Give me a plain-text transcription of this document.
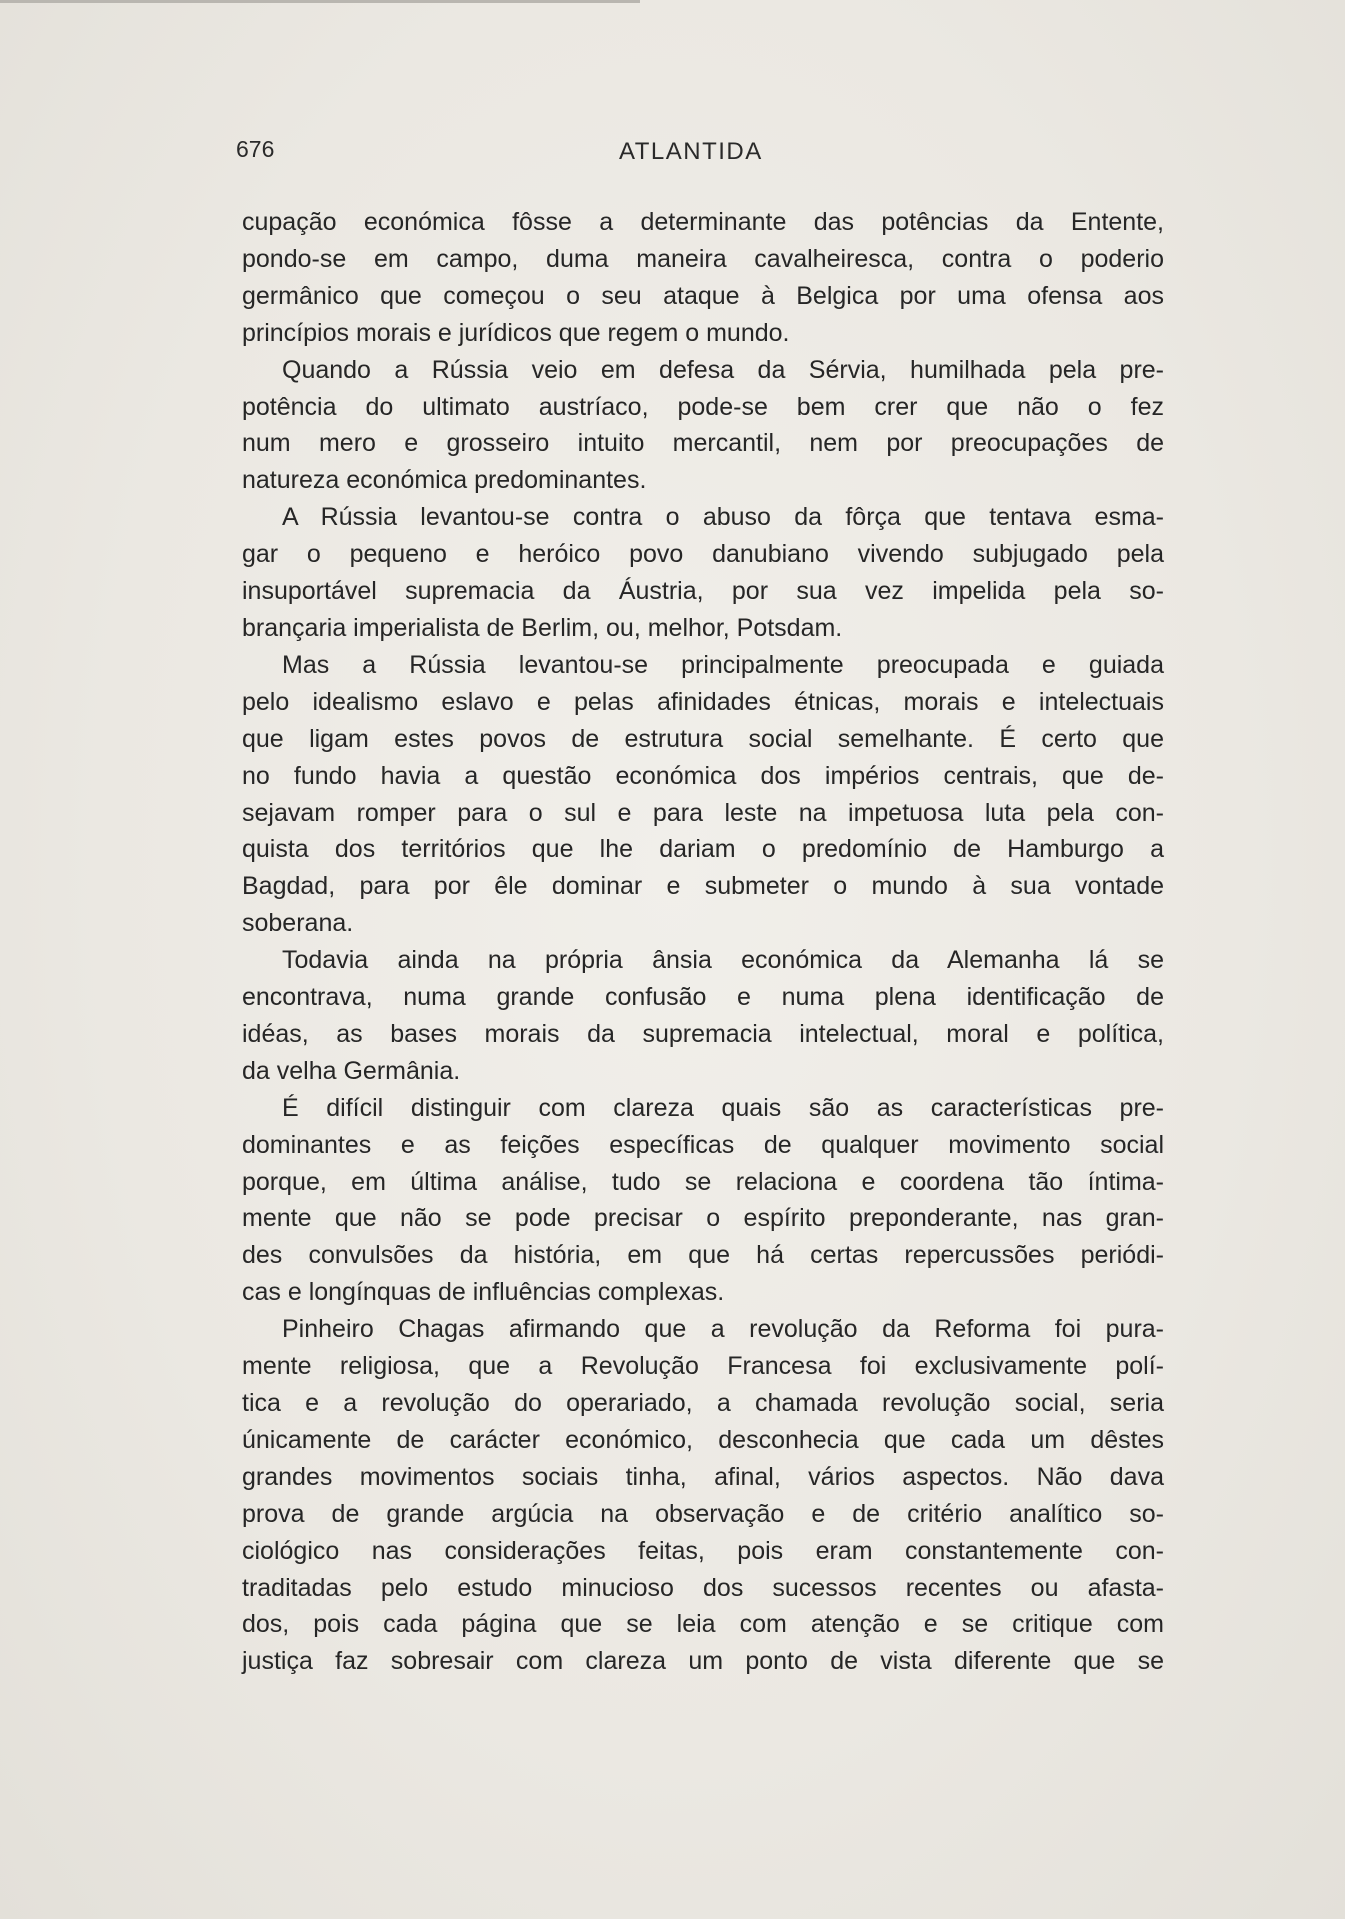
676	ATLANTIDA

cupação económica fôsse a determinante das potências da Entente,
pondo-se em campo, duma maneira cavalheiresca, contra o poderio
germânico que começou o seu ataque à Belgica por uma ofensa aos
princípios morais e jurídicos que regem o mundo.

Quando a Rússia veio em defesa da Sérvia, humilhada pela pre-
potência do ultimato austríaco, pode-se bem crer que não o fez
num mero e grosseiro intuito mercantil, nem por preocupações de
natureza económica predominantes.

A Rússia levantou-se contra o abuso da fôrça que tentava esma-
gar o pequeno e heróico povo danubiano vivendo subjugado pela
insuportável supremacia da Áustria, por sua vez impelida pela so-
brançaria imperialista de Berlim, ou, melhor, Potsdam.

Mas a Rússia levantou-se principalmente preocupada e guiada
pelo idealismo eslavo e pelas afinidades étnicas, morais e intelectuais
que ligam estes povos de estrutura social semelhante. É certo que
no fundo havia a questão económica dos impérios centrais, que de-
sejavam romper para o sul e para leste na impetuosa luta pela con-
quista dos territórios que lhe dariam o predomínio de Hamburgo a
Bagdad, para por êle dominar e submeter o mundo à sua vontade
soberana.

Todavia ainda na própria ânsia económica da Alemanha lá se
encontrava, numa grande confusão e numa plena identificação de
idéas, as bases morais da supremacia intelectual, moral e política,
da velha Germânia.

É difícil distinguir com clareza quais são as características pre-
dominantes e as feições específicas de qualquer movimento social
porque, em última análise, tudo se relaciona e coordena tão íntima-
mente que não se pode precisar o espírito preponderante, nas gran-
des convulsões da história, em que há certas repercussões periódi-
cas e longínquas de influências complexas.

Pinheiro Chagas afirmando que a revolução da Reforma foi pura-
mente religiosa, que a Revolução Francesa foi exclusivamente polí-
tica e a revolução do operariado, a chamada revolução social, seria
únicamente de carácter económico, desconhecia que cada um dêstes
grandes movimentos sociais tinha, afinal, vários aspectos. Não dava
prova de grande argúcia na observação e de critério analítico so-
ciológico nas considerações feitas, pois eram constantemente con-
traditadas pelo estudo minucioso dos sucessos recentes ou afasta-
dos, pois cada página que se leia com atenção e se critique com
justiça faz sobresair com clareza um ponto de vista diferente que se
